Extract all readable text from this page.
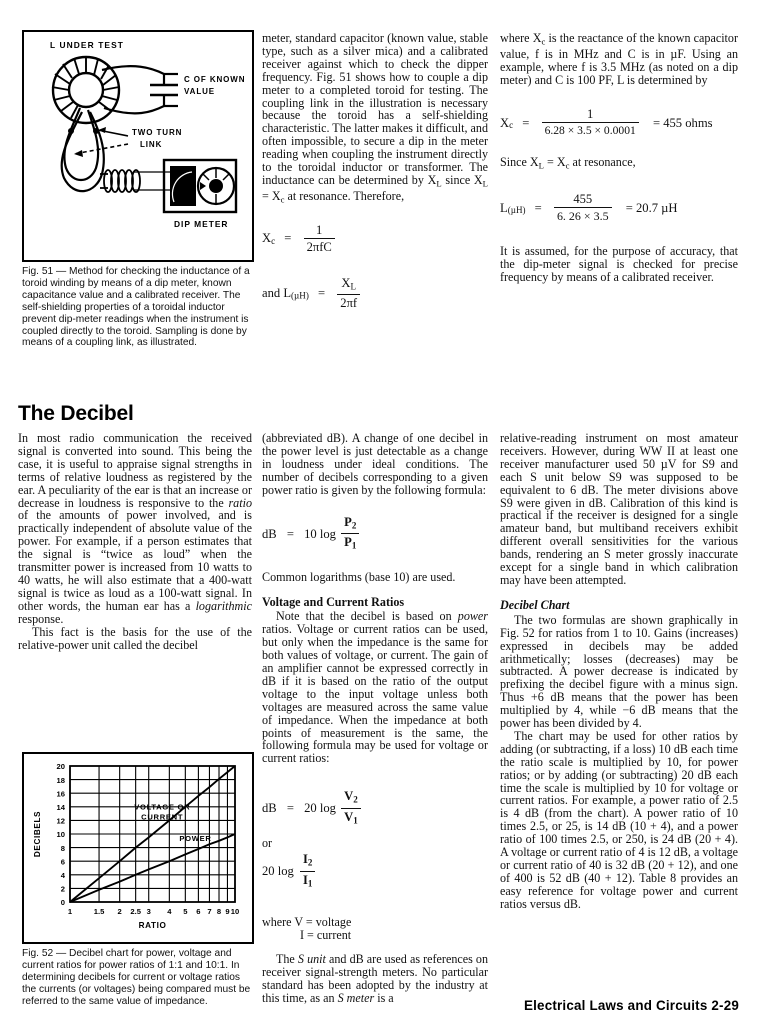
L UNDER TEST
C OF KNOWN
VALUE
TWO TURN
LINK
DIP METER
Fig. 51 — Method for checking the inductance of a toroid winding by means of a dip meter, known capacitance value and a calibrated receiver. The self-shielding properties of a toroidal inductor prevent dip-meter readings when the instrument is coupled directly to the toroid. Sampling is done by means of a coupling link, as illustrated.

meter, standard capacitor (known value, stable type, such as a silver mica) and a calibrated receiver against which to check the dipper frequency. Fig. 51 shows how to couple a dip meter to a completed toroid for testing. The coupling link in the illustration is necessary because the toroid has a self-shielding characteristic. The latter makes it difficult, and often impossible, to secure a dip in the meter reading when coupling the instrument directly to the toroidal inductor or transformer. The inductance can be determined by $X_L$ since $X_L = X_c$ at resonance. Therefore,

$X_c = \frac{1}{\text{2πfC}}$
and $L_{(\mu H)} = \frac{X_L}{2\pi f}$

where $X_c$ is the reactance of the known capacitor value, f is in MHz and C is in µF. Using an example, where f is 3.5 MHz (as noted on a dip meter) and C is 100 PF, L is determined by

$X_c = \frac{1}{6.28 \times 3.5 \times 0.0001} = 455$ ohms

Since $X_L = X_c$ at resonance,

$L_{(\mu H)} = \frac{455}{6. 26 \times 3.5} = 20.7$ µH

It is assumed, for the purpose of accuracy, that the dip-meter signal is checked for precise frequency by means of a calibrated receiver.

The Decibel

In most radio communication the received signal is converted into sound. This being the case, it is useful to appraise signal strengths in terms of relative loudness as registered by the ear. A peculiarity of the ear is that an increase or decrease in loudness is responsive to the ratio of the amounts of power involved, and is practically independent of absolute value of the power. For example, if a person estimates that the signal is “twice as loud” when the transmitter power is increased from 10 watts to 40 watts, he will also estimate that a 400-watt signal is twice as loud as a 100-watt signal. In other words, the human ear has a logarithmic response.

This fact is the basis for the use of the relative-power unit called the decibel

0
2
4
6
8
10
12
14
16
18
20
1	1.5 2 2.5 3 4 5 6 7 8 9 10
RATIO
DECIBELS
VOLTAGE OR
CURRENT
POWER
Fig. 52 — Decibel chart for power, voltage and current ratios for power ratios of 1:1 and 10:1. In determining decibels for current or voltage ratios the currents (or voltages) being compared must be referred to the same value of impedance.

(abbreviated dB). A change of one decibel in the power level is just detectable as a change in loudness under ideal conditions. The number of decibels corresponding to a given power ratio is given by the following formula:

dB = 10 $\log \frac{P_2}{P_1}$

Common logarithms (base 10) are used.

Voltage and Current Ratios

Note that the decibel is based on power ratios. Voltage or current ratios can be used, but only when the impedance is the same for both values of voltage, or current. The gain of an amplifier cannot be expressed correctly in dB if it is based on the ratio of the output voltage to the input voltage unless both voltages are measured across the same value of impedance. When the impedance at both points of measurement is the same, the following formula may be used for voltage or current ratios:

dB = 20 $\log \frac{V_2}{V_1}$

or

20 $\log \frac{I_2}{I_1}$

where V = voltage

I = current

The S unit and dB are used as references on receiver signal-strength meters. No particular standard has been adopted by the industry at this time, as an S meter is a

relative-reading instrument on most amateur receivers. However, during WW II at least one receiver manufacturer used 50 µV for S9 and each S unit below S9 was supposed to be equivalent to 6 dB. The meter divisions above S9 were given in dB. Calibration of this kind is practical if the receiver is designed for a single amateur band, but multiband receivers exhibit different overall sensitivities for the various bands, rendering an S meter grossly inaccurate except for a single band in which calibration may have been attempted.

Decibel Chart

The two formulas are shown graphically in Fig. 52 for ratios from 1 to 10. Gains (increases) expressed in decibels may be added arithmetically; losses (decreases) may be subtracted. A power decrease is indicated by prefixing the decibel figure with a minus sign. Thus +6 dB means that the power has been multiplied by 4, while −6 dB means that the power has been divided by 4.

The chart may be used for other ratios by adding (or subtracting, if a loss) 10 dB each time the ratio scale is multiplied by 10, for power ratios; or by adding (or subtracting) 20 dB each time the scale is multiplied by 10 for voltage or current ratios. For example, a power ratio of 2.5 is 4 dB (from the chart). A power ratio of 10 times 2.5, or 25, is 14 dB (10 + 4), and a power ratio of 100 times 2.5, or 250, is 24 dB (20 + 4). A voltage or current ratio of 4 is 12 dB, a voltage or current ratio of 40 is 32 dB (20 + 12), and one of 400 is 52 dB (40 + 12). Table 8 provides an easy reference for voltage power and current ratios versus dB.

Electrical Laws and Circuits 2-29
